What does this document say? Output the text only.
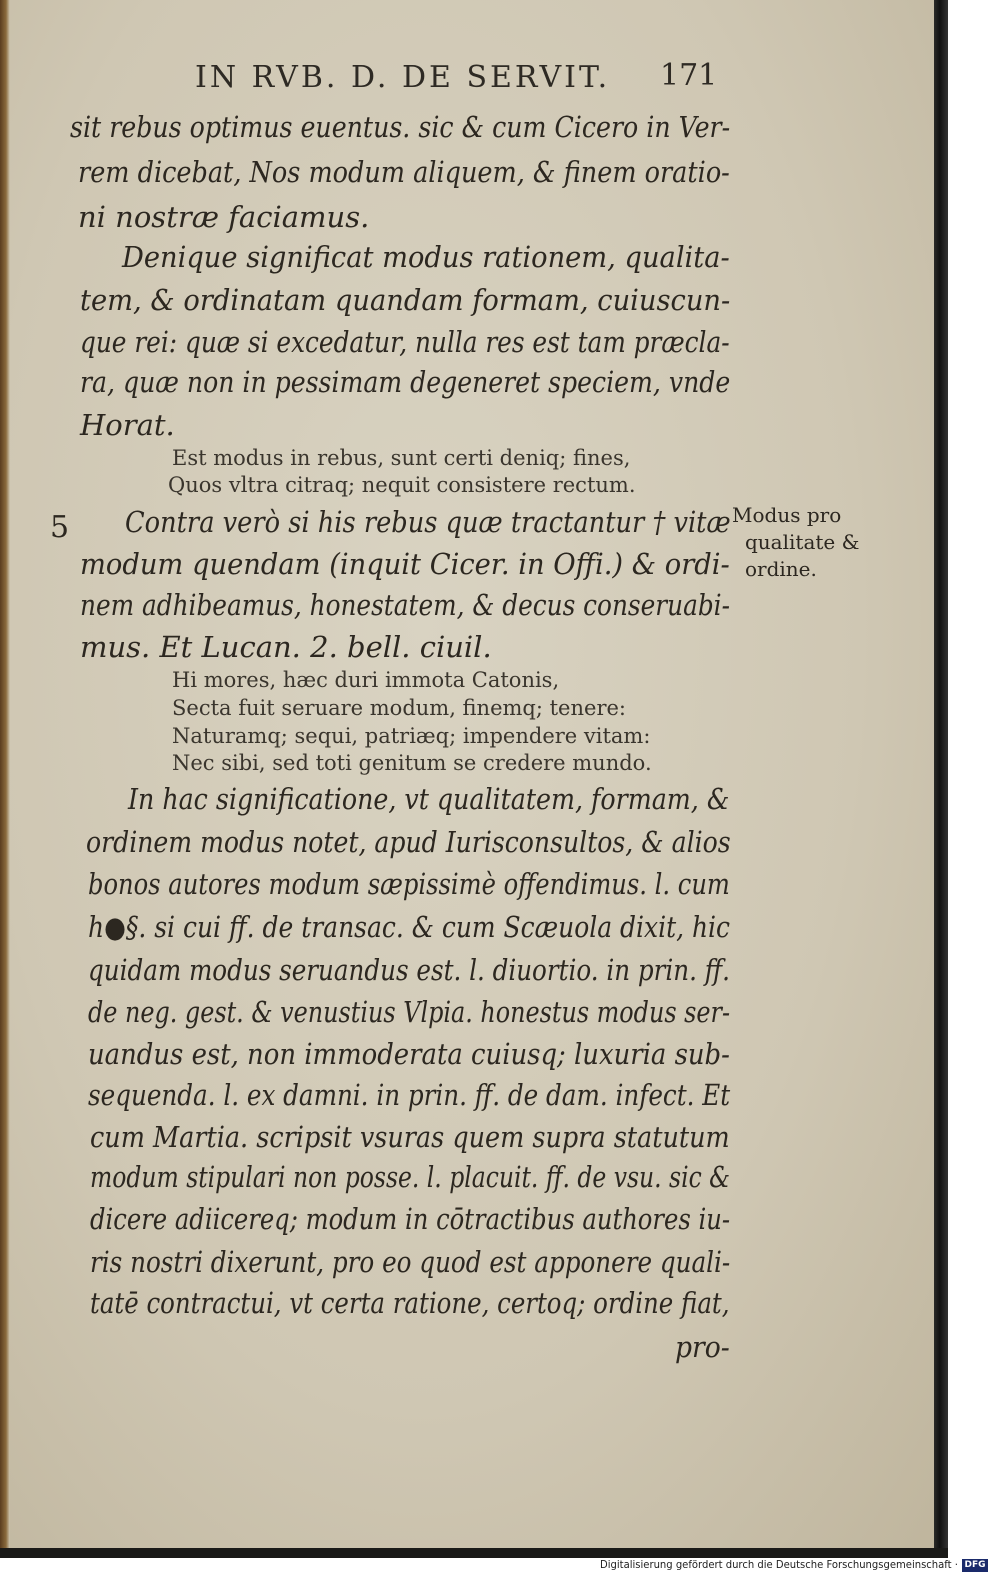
IN RVB. D. DE SERVIT. 171
sit rebus optimus euentus. sic & cum Cicero in Ver-
rem dicebat, Nos modum aliquem, & finem oratio-
ni nostræ faciamus.
Denique significat modus rationem, qualita-
tem, & ordinatam quandam formam, cuiuscun-
que rei: quæ si excedatur, nulla res est tam præcla-
ra, quæ non in pessimam degeneret speciem, vnde
Horat.
Est modus in rebus, sunt certi deniq; fines,
Quos vltra citraq; nequit consistere rectum.
5 Contra verò si his rebus quæ tractantur † vitæ
modum quendam (inquit Cicer. in Offi.) & ordi-
nem adhibeamus, honestatem, & decus conseruabi-
mus. Et Lucan. 2. bell. ciuil.
Modus pro
qualitate &
ordine.
Hi mores, hæc duri immota Catonis,
Secta fuit seruare modum, finemq; tenere:
Naturamq; sequi, patriæq; impendere vitam:
Nec sibi, sed toti genitum se credere mundo.
In hac significatione, vt qualitatem, formam, &
ordinem modus notet, apud Iurisconsultos, & alios
bonos autores modum sæpissimè offendimus. l. cum
h●§. si cui ff. de transac. & cum Scæuola dixit, hic
quidam modus seruandus est. l. diuortio. in prin. ff.
de neg. gest. & venustius Vlpia. honestus modus ser-
uandus est, non immoderata cuiusq; luxuria sub-
sequenda. l. ex damni. in prin. ff. de dam. infect. Et
cum Martia. scripsit vsuras quem supra statutum
modum stipulari non posse. l. placuit. ff. de vsu. sic &
dicere adiicereq; modum in cōtractibus authores iu-
ris nostri dixerunt, pro eo quod est apponere quali-
tatē contractui, vt certa ratione, certoq; ordine fiat,
pro-
Digitalisierung gefördert durch die Deutsche Forschungsgemeinschaft · DFG
